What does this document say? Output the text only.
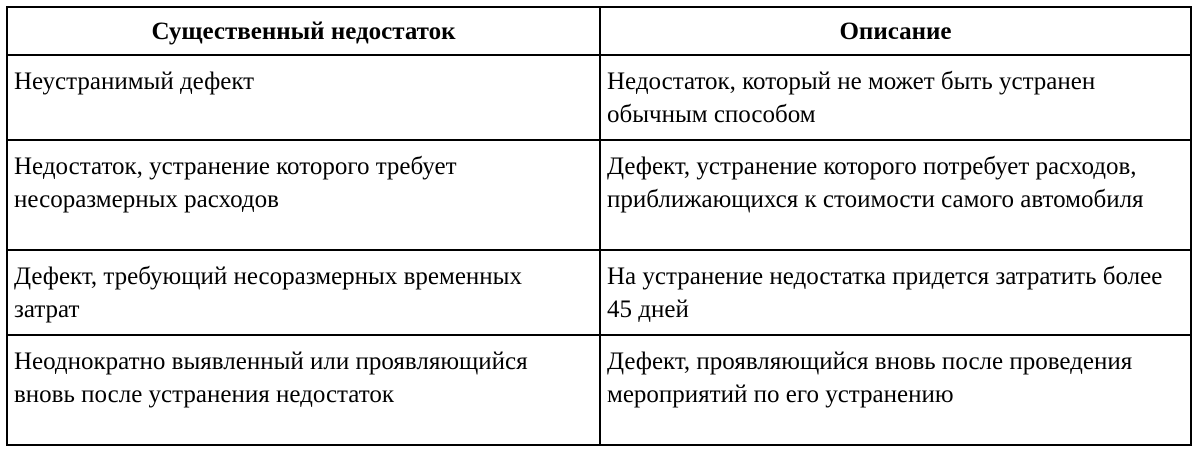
Существенный недостаток	Описание
Неустранимый дефект	Недостаток, который не может быть устранен обычным способом
Недостаток, устранение которого требует несоразмерных расходов	Дефект, устранение которого потребует расходов, приближающихся к стоимости самого автомобиля
Дефект, требующий несоразмерных временных затрат	На устранение недостатка придется затратить более 45 дней
Неоднократно выявленный или проявляющийся вновь после устранения недостаток	Дефект, проявляющийся вновь после проведения мероприятий по его устранению
